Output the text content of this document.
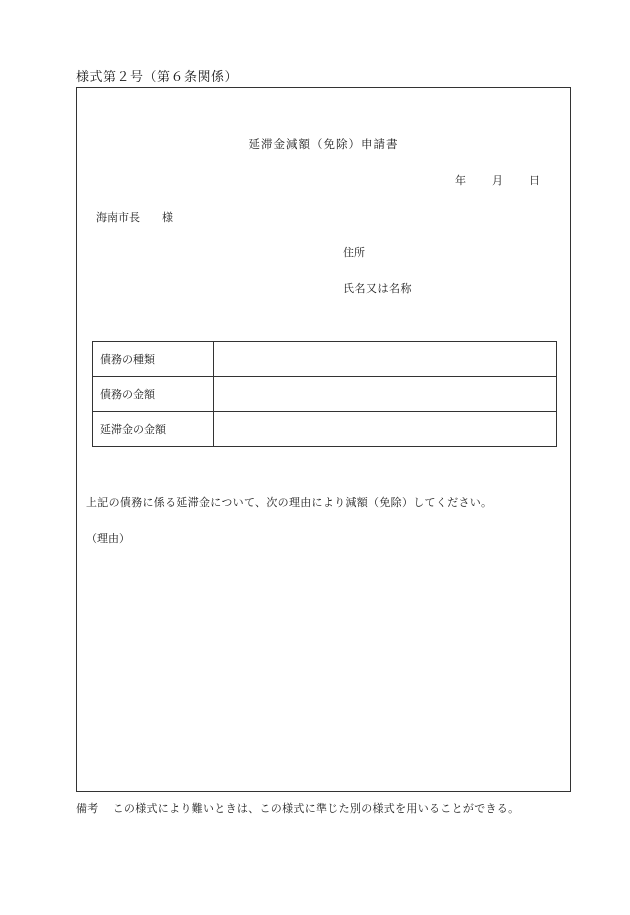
様式第２号（第６条関係）
延滞金減額（免除）申請書
年 月 日
海南市長 様
住所
氏名又は名称
債務の種類	
債務の金額	
延滞金の金額	
上記の債務に係る延滞金について、次の理由により減額（免除）してください。
（理由）
備考 この様式により難いときは、この様式に準じた別の様式を用いることができる。
